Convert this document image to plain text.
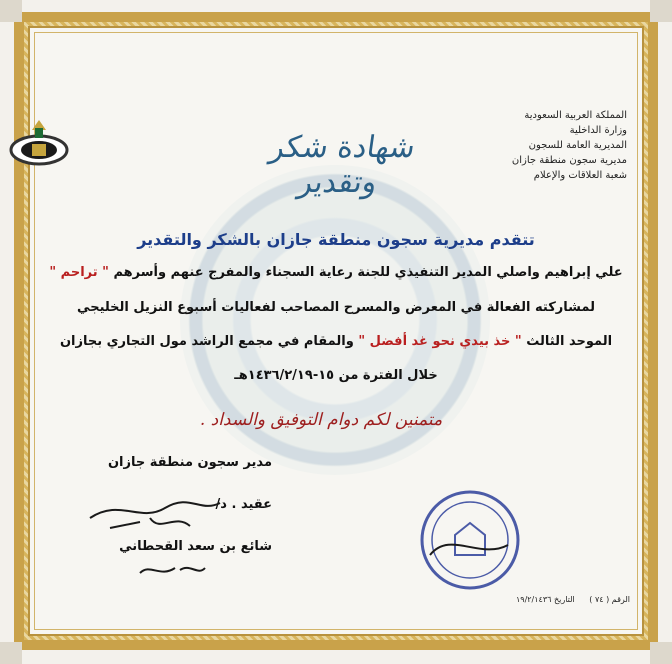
المملكة العربية السعودية
وزارة الداخلية
المديرية العامة للسجون
مديرية سجون منطقة جازان
شعبة العلاقات والإعلام
شهادة شكر وتقدير
تتقدم مديرية سجون منطقة جازان بالشكر والتقدير
علي إبراهيم واصلي المدير التنفيذي للجنة رعاية السجناء والمفرج عنهم وأسرهم " تراحم "
لمشاركته الفعالة في المعرض والمسرح المصاحب لفعاليات أسبوع النزيل الخليجي
الموحد الثالث " خذ بيدي نحو غد أفضل " والمقام في مجمع الراشد مول التجاري بجازان
خلال الفترة من ١٥-١٤٣٦/٢/١٩هـ
متمنين لكم دوام التوفيق والسداد .
مدير سجون منطقة جازان
عقيد . د/
شائع بن سعد القحطاني
الرقم ( ٧٤ ) التاريخ ١٩/٢/١٤٣٦
